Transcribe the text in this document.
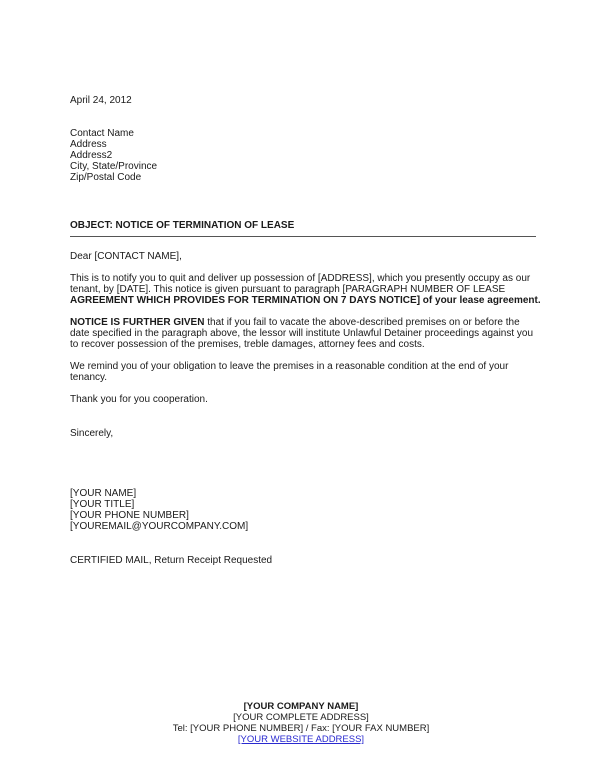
April 24, 2012
Contact Name
Address
Address2
City, State/Province
Zip/Postal Code
OBJECT: NOTICE OF TERMINATION OF LEASE
Dear [CONTACT NAME],
This is to notify you to quit and deliver up possession of [ADDRESS], which you presently occupy as our
tenant, by [DATE]. This notice is given pursuant to paragraph [PARAGRAPH NUMBER OF LEASE
AGREEMENT WHICH PROVIDES FOR TERMINATION ON 7 DAYS NOTICE] of your lease agreement.
NOTICE IS FURTHER GIVEN that if you fail to vacate the above-described premises on or before the
date specified in the paragraph above, the lessor will institute Unlawful Detainer proceedings against you
to recover possession of the premises, treble damages, attorney fees and costs.
We remind you of your obligation to leave the premises in a reasonable condition at the end of your
tenancy.
Thank you for you cooperation.
Sincerely,
[YOUR NAME]
[YOUR TITLE]
[YOUR PHONE NUMBER]
[YOUREMAIL@YOURCOMPANY.COM]
CERTIFIED MAIL, Return Receipt Requested
[YOUR COMPANY NAME]
[YOUR COMPLETE ADDRESS]
Tel: [YOUR PHONE NUMBER] / Fax: [YOUR FAX NUMBER]
[YOUR WEBSITE ADDRESS]
